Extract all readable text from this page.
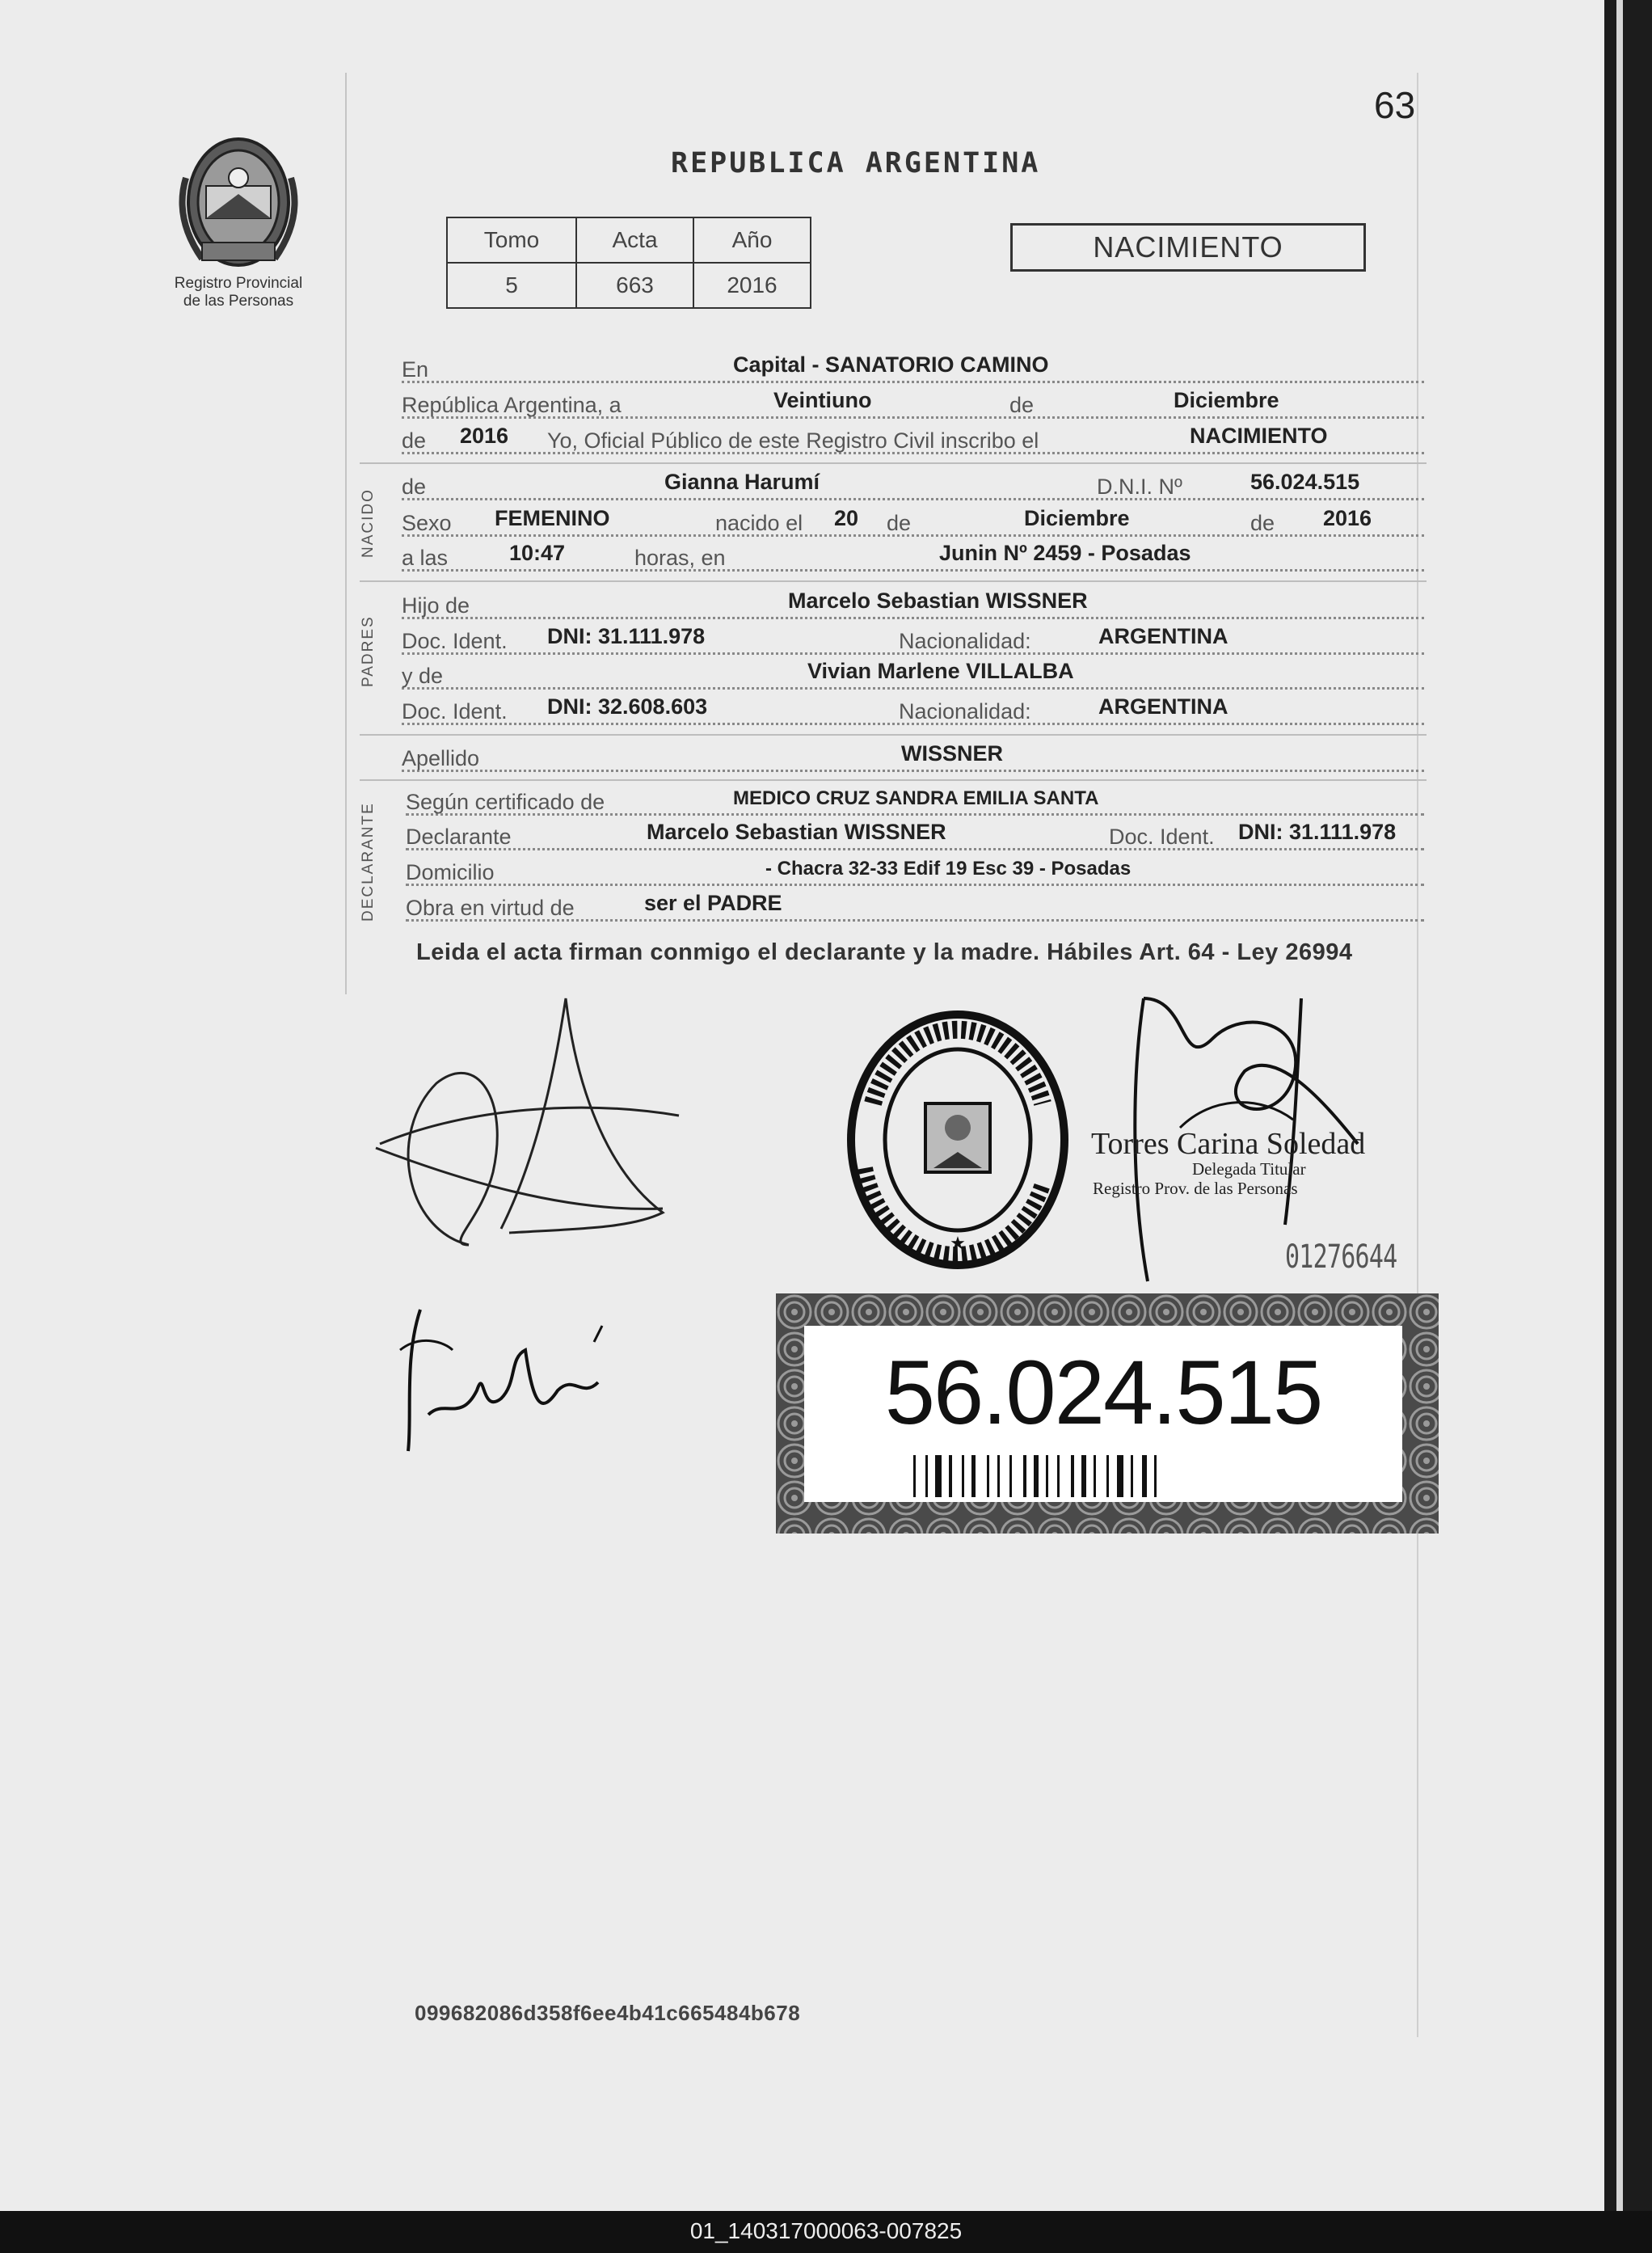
63
Registro Provincial
de las Personas
REPUBLICA ARGENTINA
Tomo	Acta	Año
5	663	2016
NACIMIENTO
En	Capital - SANATORIO CAMINO
República Argentina, a	Veintiuno	de	Diciembre
de 2016 Yo, Oficial Público de este Registro Civil inscribo el	NACIMIENTO
NACIDO
de	Gianna Harumí	D.N.I. Nº	56.024.515
Sexo FEMENINO	nacido el 20 de	Diciembre	de 2016
a las	10:47	horas, en	Junin Nº 2459 - Posadas
PADRES
Hijo de	Marcelo Sebastian WISSNER
Doc. Ident. DNI: 31.111.978	Nacionalidad:	ARGENTINA
y de	Vivian Marlene VILLALBA
Doc. Ident. DNI: 32.608.603	Nacionalidad:	ARGENTINA
Apellido	WISSNER
DECLARANTE
Según certificado de	MEDICO CRUZ SANDRA EMILIA SANTA
Declarante	Marcelo Sebastian WISSNER	Doc. Ident. DNI: 31.111.978
Domicilio	- Chacra 32-33 Edif 19 Esc 39 - Posadas
Obra en virtud de	ser el PADRE
Leida el acta firman conmigo el declarante y la madre. Hábiles Art. 64 - Ley 26994
★
Torres Carina Soledad
Delegada Titular
Registro Prov. de las Personas
01276644
56.024.515
099682086d358f6ee4b41c665484b678
01_140317000063-007825
